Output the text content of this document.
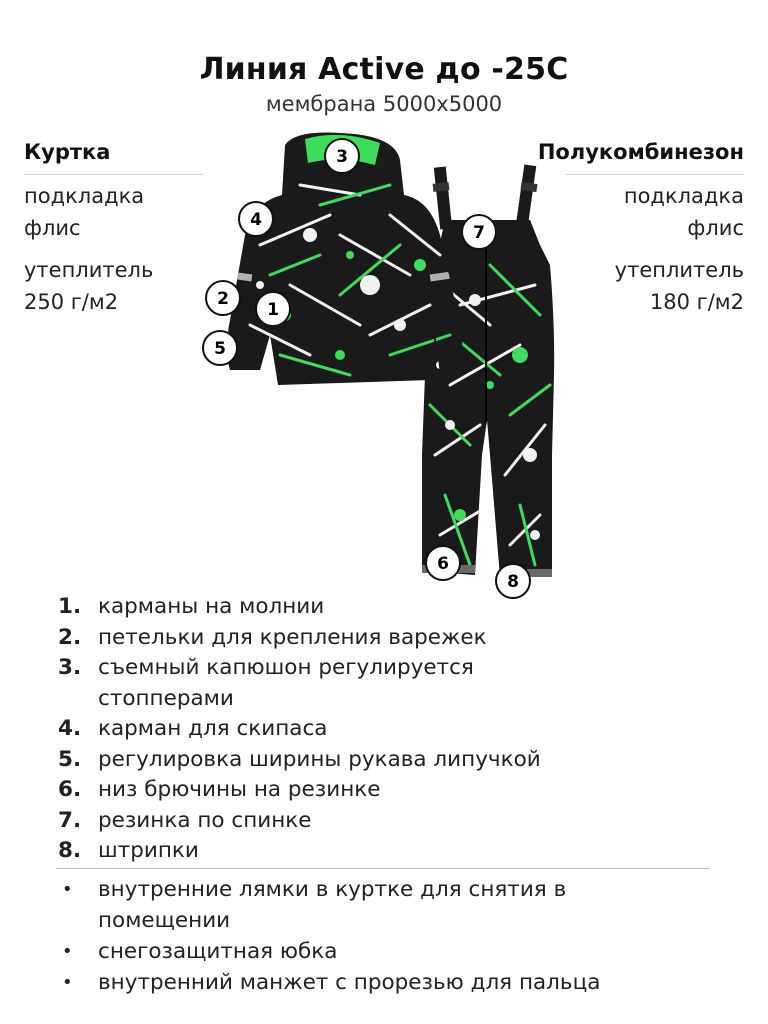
Линия Active до -25С
мембрана 5000х5000
Куртка
подкладка
флис
утеплитель
250 г/м2
Полукомбинезон
подкладка
флис
утеплитель
180 г/м2
3
4
2
1
5
7
6
8
1. карманы на молнии
2. петельки для крепления варежек
3. съемный капюшон регулируется стопперами
4. карман для скипаса
5. регулировка ширины рукава липучкой
6. низ брючины на резинке
7. резинка по спинке
8. штрипки
•	внутренние лямки в куртке для снятия в помещении
•	снегозащитная юбка
•	внутренний манжет с прорезью для пальца
